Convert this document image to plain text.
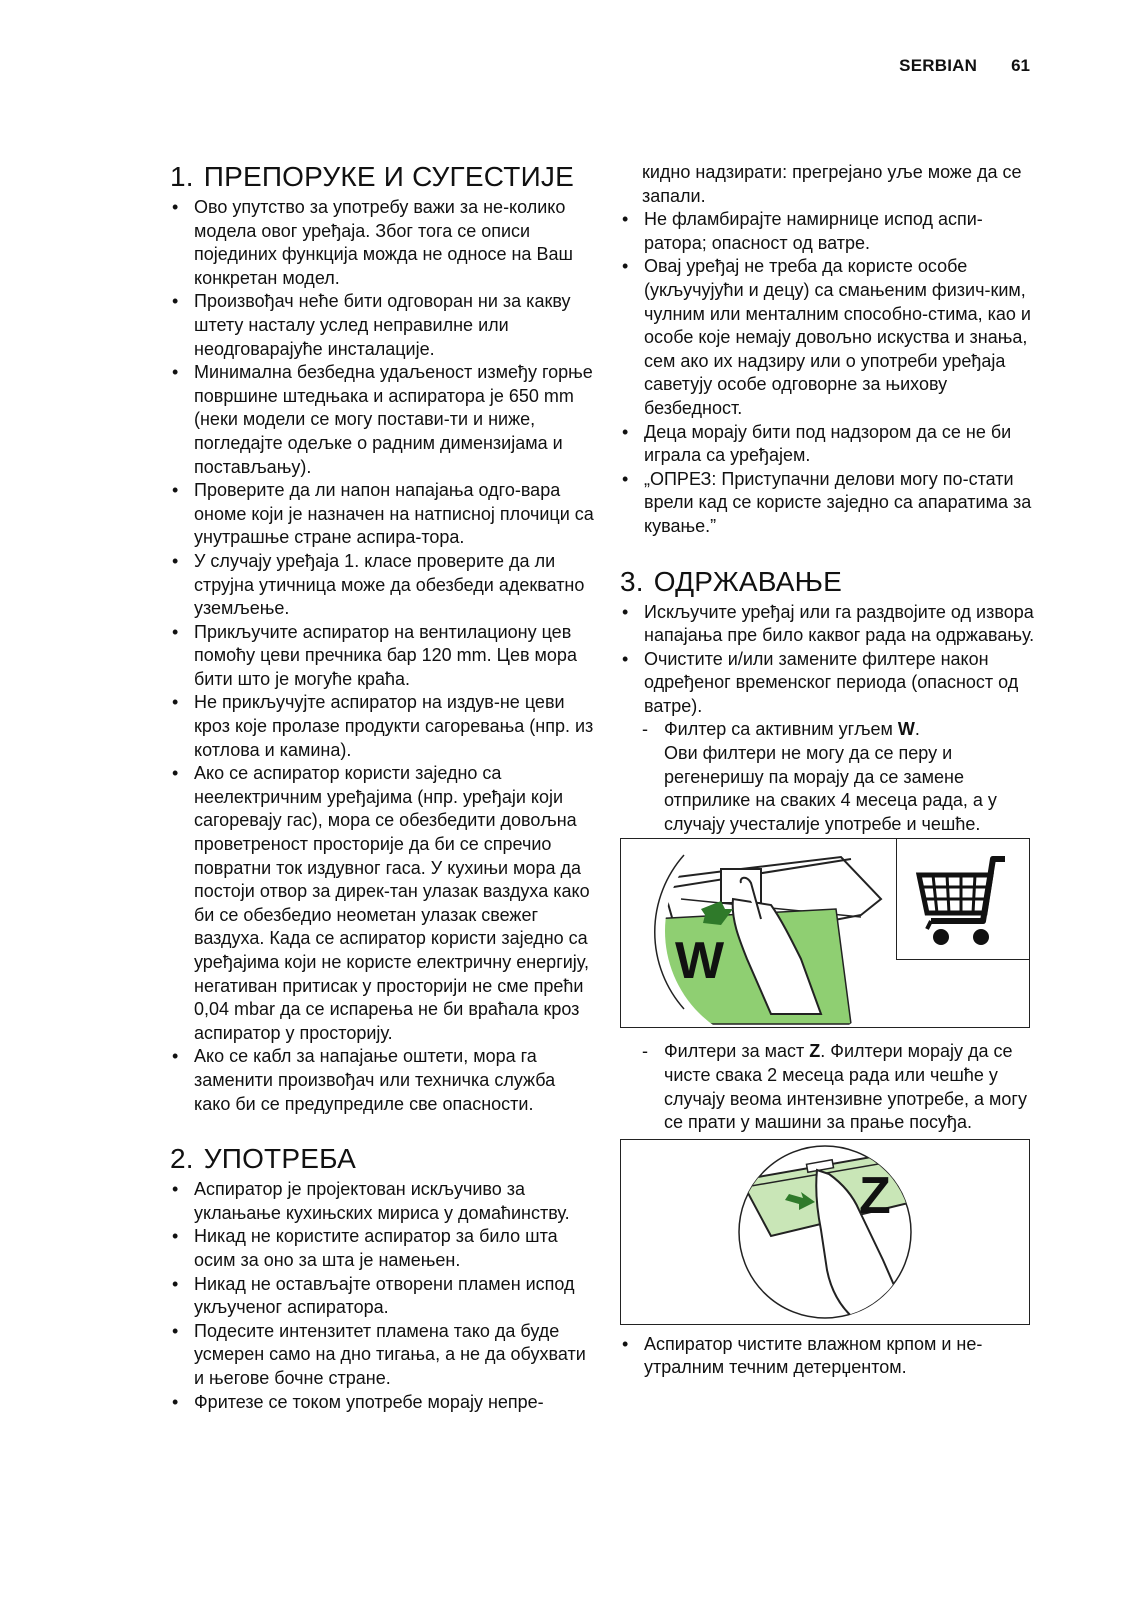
SERBIAN 61
1. ПРЕПОРУКЕ И СУГЕСТИЈЕ
• Ово упутство за употребу важи за не-колико модела овог уређаја. Због тога се описи појединих функција можда не односе на Ваш конкретан модел.
• Произвођач неће бити одговоран ни за какву штету насталу услед неправилне или неодговарајуће инсталације.
• Минимална безбедна удаљеност између горње површине штедњака и аспиратора је 650 mm (неки модели се могу постави-ти и ниже, погледајте одељке о радним димензијама и постављању).
• Проверите да ли напон напајања одго-вара ономе који је назначен на натписној плочици са унутрашње стране аспира-тора.
• У случају уређаја 1. класе проверите да ли струјна утичница може да обезбеди адекватно уземљење.
• Прикључите аспиратор на вентилациону цев помоћу цеви пречника бар 120 mm. Цев мора бити што је могуће краћа.
• Не прикључујте аспиратор на издув-не цеви кроз које пролазе продукти сагоревања (нпр. из котлова и камина).
• Ако се аспиратор користи заједно са неелектричним уређајима (нпр. уређаји који сагоревају гас), мора се обезбедити довољна проветреност просторије да би се спречио повратни ток издувног гаса. У кухињи мора да постоји отвор за дирек-тан улазак ваздуха како би се обезбедио неометан улазак свежег ваздуха. Када се аспиратор користи заједно са уређајима који не користе електричну енергију, негативан притисак у просторији не сме прећи 0,04 mbar да се испарења не би враћала кроз аспиратор у просторију.
• Ако се кабл за напајање оштети, мора га заменити произвођач или техничка служба како би се предупредиле све опасности.
2. УПОТРЕБА
• Аспиратор је пројектован искључиво за уклањање кухињских мириса у домаћинству.
• Никад не користите аспиратор за било шта осим за оно за шта је намењен.
• Никад не остављајте отворени пламен испод укљученог аспиратора.
• Подесите интензитет пламена тако да буде усмерен само на дно тигања, а не да обухвати и његове бочне стране.
• Фритезе се током употребе морају непре-
кидно надзирати: прегрејано уље може да се запали.
• Не фламбирајте намирнице испод аспи-ратора; опасност од ватре.
• Овај уређај не треба да користе особе (укључујући и децу) са смањеним физич-ким, чулним или менталним способно-стима, као и особе које немају довољно искуства и знања, сем ако их надзиру или о употреби уређаја саветују особе одговорне за њихову безбедност.
• Деца морају бити под надзором да се не би играла са уређајем.
• „ОПРЕЗ: Приступачни делови могу по-стати врели кад се користе заједно са апаратима за кување.”
3. ОДРЖАВАЊЕ
• Искључите уређај или га раздвојите од извора напајања пре било каквог рада на одржавању.
• Очистите и/или замените филтере након одређеног временског периода (опасност од ватре).
- Филтер са активним угљем W.
Ови филтери не могу да се перу и регенеришу па морају да се замене отприлике на сваких 4 месеца рада, а у случају учесталије употребе и чешће.
W
- Филтери за маст Z. Филтери морају да се чисте свака 2 месеца рада или чешће у случају веома интензивне употребе, а могу се прати у машини за прање посуђа.
Z
• Аспиратор чистите влажном крпом и не-утралним течним детерџентом.
